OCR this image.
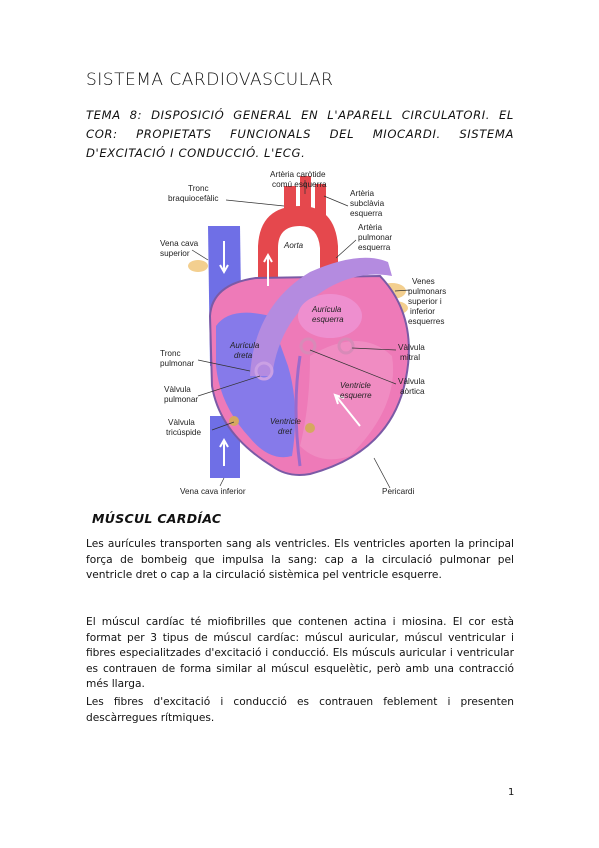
SISTEMA CARDIOVASCULAR
TEMA 8: DISPOSICIÓ GENERAL EN L'APARELL CIRCULATORI. EL COR: PROPIETATS FUNCIONALS DEL MIOCARDI. SISTEMA D'EXCITACIÓ I CONDUCCIÓ. L'ECG.
Artèria caròtide
comú esquerra
Tronc
braquiocefàlic
Artèria
subclàvia
esquerra
Artèria
pulmonar
esquerra
Vena cava
superior
Aorta
Venes
pulmonars
superior i
inferior
esquerres
Aurícula
esquerra
Aurícula
dreta
Tronc
pulmonar
Vàlvula
mitral
Vàlvula
pulmonar
Vàlvula
aòrtica
Ventricle
esquerre
Vàlvula
tricúspide
Ventricle
dret
Vena cava inferior	Pericardi
MÚSCUL CARDÍAC

Les aurícules transporten sang als ventricles. Els ventricles aporten la principal força de bombeig que impulsa la sang: cap a la circulació pulmonar pel ventricle dret o cap a la circulació sistèmica pel ventricle esquerre.

El múscul cardíac té miofibrilles que contenen actina i miosina. El cor està format per 3 tipus de múscul cardíac: múscul auricular, múscul ventricular i fibres especialitzades d'excitació i conducció. Els músculs auricular i ventricular es contrauen de forma similar al múscul esquelètic, però amb una contracció més llarga.

Les fibres d'excitació i conducció es contrauen feblement i presenten descàrregues rítmiques.

1
